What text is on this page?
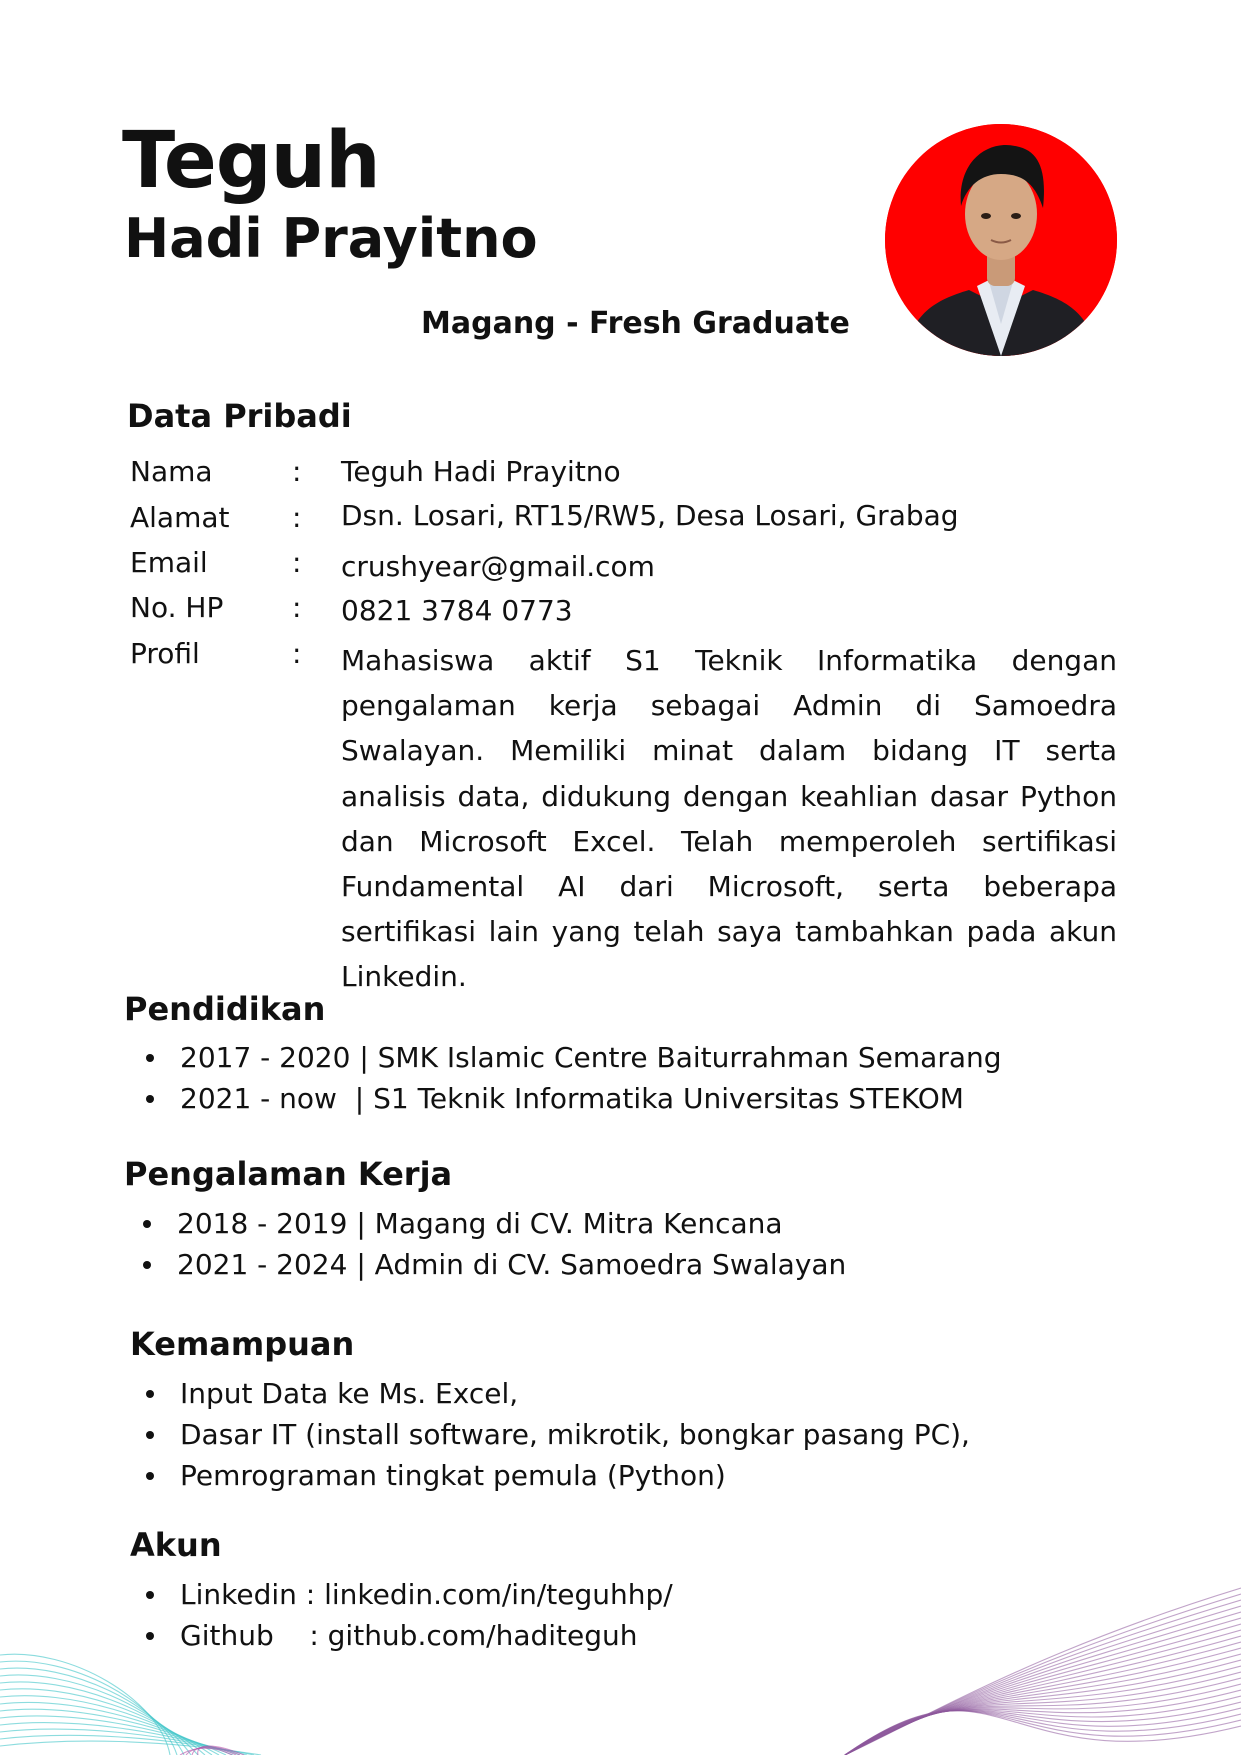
Teguh
Hadi Prayitno
Magang - Fresh Graduate
Data Pribadi
Nama	: Teguh Hadi Prayitno
Alamat	: Dsn. Losari, RT15/RW5, Desa Losari, Grabag
Email	: crushyear@gmail.com
No. HP	: 0821 3784 0773
Profil	: Mahasiswa aktif S1 Teknik Informatika dengan pengalaman kerja sebagai Admin di Samoedra Swalayan. Memiliki minat dalam bidang IT serta analisis data, didukung dengan keahlian dasar Python dan Microsoft Excel. Telah memperoleh sertifikasi Fundamental AI dari Microsoft, serta beberapa sertifikasi lain yang telah saya tambahkan pada akun Linkedin.

Pendidikan
2017 - 2020 | SMK Islamic Centre Baiturrahman Semarang
2021 - now  | S1 Teknik Informatika Universitas STEKOM
Pengalaman Kerja
2018 - 2019 | Magang di CV. Mitra Kencana
2021 - 2024 | Admin di CV. Samoedra Swalayan
Kemampuan
Input Data ke Ms. Excel,
Dasar IT (install software, mikrotik, bongkar pasang PC),
Pemrograman tingkat pemula (Python)
Akun
Linkedin : linkedin.com/in/teguhhp/
Github    : github.com/haditeguh
